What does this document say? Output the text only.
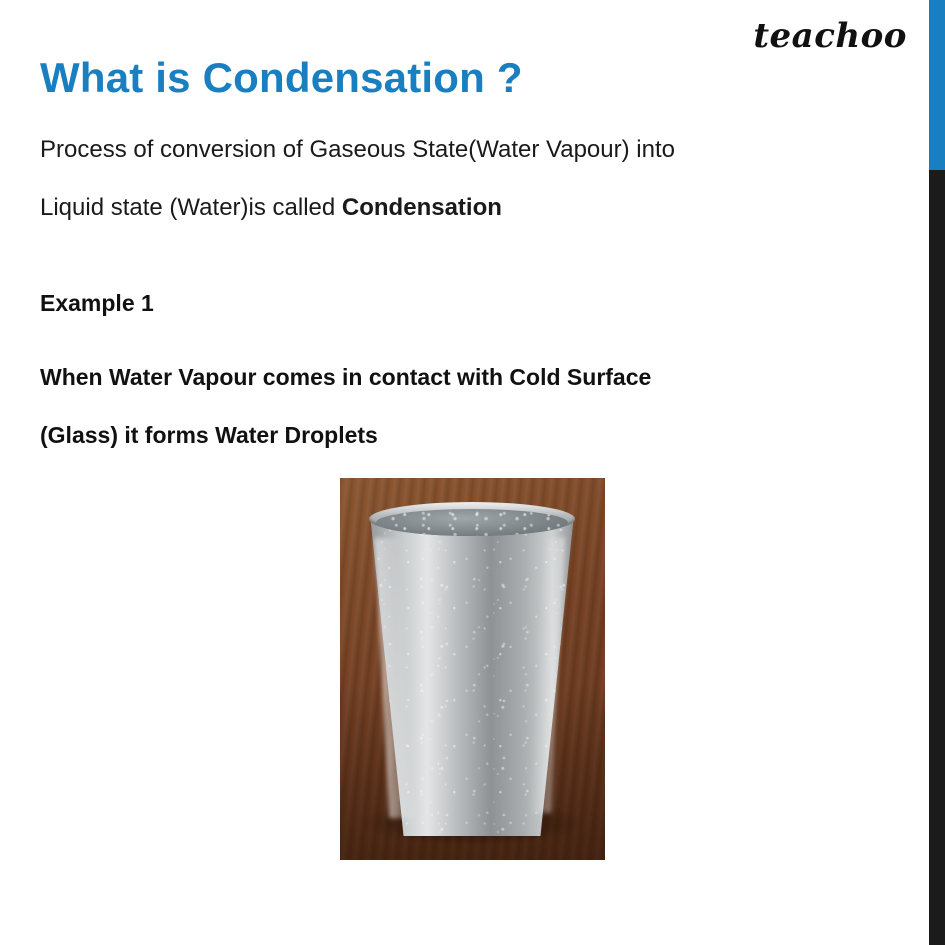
teachoo
What is Condensation ?
Process of conversion of Gaseous State(Water Vapour) into
Liquid state (Water)is called Condensation
Example 1
When Water Vapour comes in contact with Cold Surface
(Glass) it forms Water Droplets
